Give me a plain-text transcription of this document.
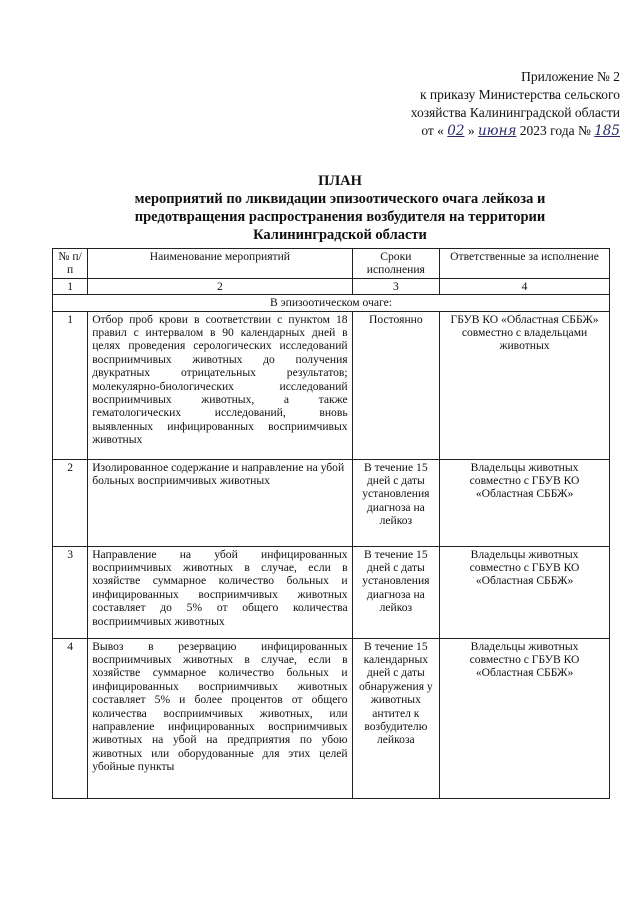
Приложение № 2
к приказу Министерства сельского
хозяйства Калининградской области
от « 02 » июня 2023 года № 185
ПЛАН
мероприятий по ликвидации эпизоотического очага лейкоза и
предотвращения распространения возбудителя на территории
Калининградской области
№ п/п	Наименование мероприятий	Сроки исполнения	Ответственные за исполнение
1	2	3	4
В эпизоотическом очаге:			
1	Отбор проб крови в соответствии с пунктом 18 правил с интервалом в 90 календарных дней в целях проведения серологических исследований восприимчивых животных до получения двукратных отрицательных результатов; молекулярно-биологических исследований восприимчивых животных, а также гематологических исследований, вновь выявленных инфицированных восприимчивых животных	Постоянно	ГБУВ КО «Областная СББЖ» совместно с владельцами животных
2	Изолированное содержание и направление на убой больных восприимчивых животных	В течение 15 дней с даты установления диагноза на лейкоз	Владельцы животных совместно с ГБУВ КО «Областная СББЖ»
3	Направление на убой инфицированных восприимчивых животных в случае, если в хозяйстве суммарное количество больных и инфицированных восприимчивых животных составляет до 5% от общего количества восприимчивых животных	В течение 15 дней с даты установления диагноза на лейкоз	Владельцы животных совместно с ГБУВ КО «Областная СББЖ»
4	Вывоз в резервацию инфицированных восприимчивых животных в случае, если в хозяйстве суммарное количество больных и инфицированных восприимчивых животных составляет 5% и более процентов от общего количества восприимчивых животных, или направление инфицированных восприимчивых животных на убой на предприятия по убою животных или оборудованные для этих целей убойные пункты	В течение 15 календарных дней с даты обнаружения у животных антител к возбудителю лейкоза	Владельцы животных совместно с ГБУВ КО «Областная СББЖ»
